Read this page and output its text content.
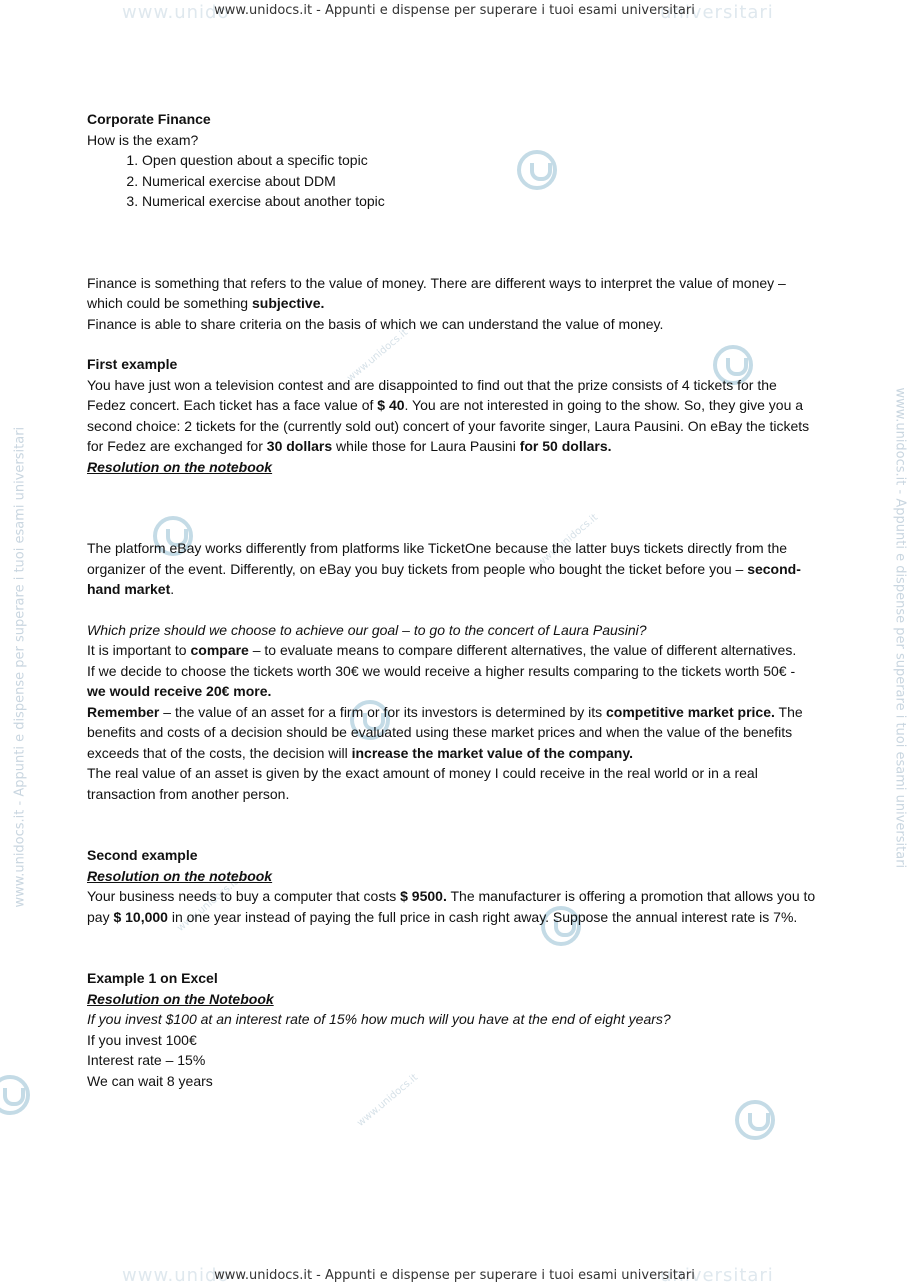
www.unido	universitari
www.unidocs.it - Appunti e dispense per superare i tuoi esami universitari
www.unido	universitari
www.unidocs.it - Appunti e dispense per superare i tuoi esami universitari
www.unidocs.it - Appunti e dispense per superare i tuoi esami universitari	www.unidocs.it - Appunti e dispense per superare i tuoi esami universitari
www.unidocs.it
www.unidocs.it
www.unidocs.it
www.unidocs.it

Corporate Finance

How is the exam?

1. Open question about a specific topic
2. Numerical exercise about DDM
3. Numerical exercise about another topic

Finance is something that refers to the value of money. There are different ways to interpret the value of money – which could be something subjective.

Finance is able to share criteria on the basis of which we can understand the value of money.

First example

You have just won a television contest and are disappointed to find out that the prize consists of 4 tickets for the Fedez concert. Each ticket has a face value of $ 40. You are not interested in going to the show. So, they give you a second choice: 2 tickets for the (currently sold out) concert of your favorite singer, Laura Pausini. On eBay the tickets for Fedez are exchanged for 30 dollars while those for Laura Pausini for 50 dollars.

Resolution on the notebook

The platform eBay works differently from platforms like TicketOne because the latter buys tickets directly from the organizer of the event. Differently, on eBay you buy tickets from people who bought the ticket before you – second-hand market.

Which prize should we choose to achieve our goal – to go to the concert of Laura Pausini?

It is important to compare – to evaluate means to compare different alternatives, the value of different alternatives.

If we decide to choose the tickets worth 30€ we would receive a higher results comparing to the tickets worth 50€ - we would receive 20€ more.

Remember – the value of an asset for a firm or for its investors is determined by its competitive market price. The benefits and costs of a decision should be evaluated using these market prices and when the value of the benefits exceeds that of the costs, the decision will increase the market value of the company.

The real value of an asset is given by the exact amount of money I could receive in the real world or in a real transaction from another person.

Second example

Resolution on the notebook

Your business needs to buy a computer that costs $ 9500. The manufacturer is offering a promotion that allows you to pay $ 10,000 in one year instead of paying the full price in cash right away. Suppose the annual interest rate is 7%.

Example 1 on Excel

Resolution on the Notebook

If you invest $100 at an interest rate of 15% how much will you have at the end of eight years?

If you invest 100€

Interest rate – 15%

We can wait 8 years
